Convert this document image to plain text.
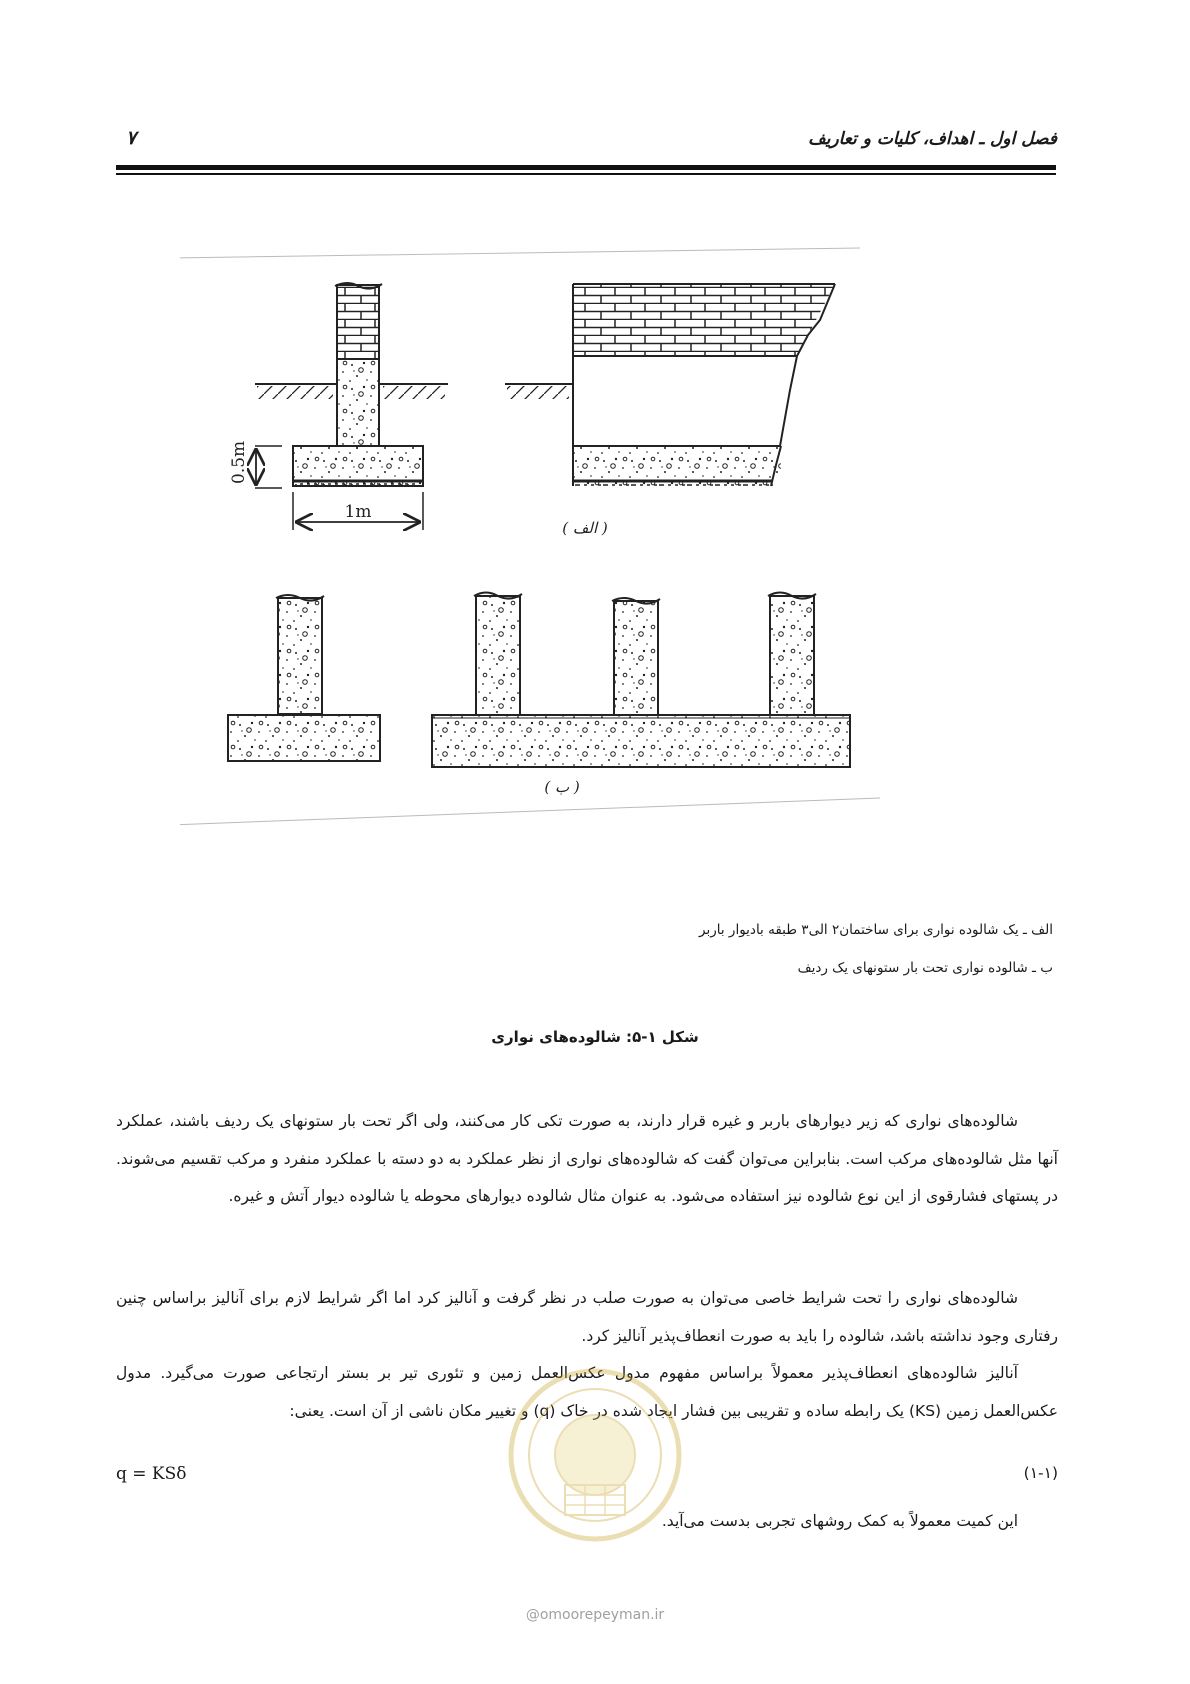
فصل اول ـ اهداف، کلیات و تعاریف
۷
0.5m
1m
( الف )
( ب )
الف ـ یک شالوده نواری برای ساختمان۲ الی۳ طبقه بادیوار باربر
ب ـ شالوده نواری تحت بار ستونهای یک ردیف
شکل ۱-۵: شالوده‌های نواری

شالوده‌های نواری که زیر دیوارهای باربر و غیره قرار دارند، به صورت تکی کار می‌کنند، ولی اگر تحت بار ستونهای یک ردیف باشند، عملکرد آنها مثل شالوده‌های مرکب است. بنابراین می‌توان گفت که شالوده‌های نواری از نظر عملکرد به دو دسته با عملکرد منفرد و مرکب تقسیم می‌شوند. در پستهای فشارقوی از این نوع شالوده نیز استفاده می‌شود. به عنوان مثال شالوده دیوارهای محوطه یا شالوده دیوار آتش و غیره.

شالوده‌های نواری را تحت شرایط خاصی می‌توان به صورت صلب در نظر گرفت و آنالیز کرد اما اگر شرایط لازم برای آنالیز براساس چنین رفتاری وجود نداشته باشد، شالوده را باید به صورت انعطاف‌پذیر آنالیز کرد.

آنالیز شالوده‌های انعطاف‌پذیر معمولاً براساس مفهوم مدول عکس‌العمل زمین و تئوری تیر بر بستر ارتجاعی صورت می‌گیرد. مدول عکس‌العمل زمین (KS) یک رابطه ساده و تقریبی بین فشار ایجاد شده در خاک (q) و تغییر مکان ناشی از آن است. یعنی:

q = KSδ	(۱-۱)

این کمیت معمولاً به کمک روشهای تجربی بدست می‌آید.

@omoorepeyman.ir
